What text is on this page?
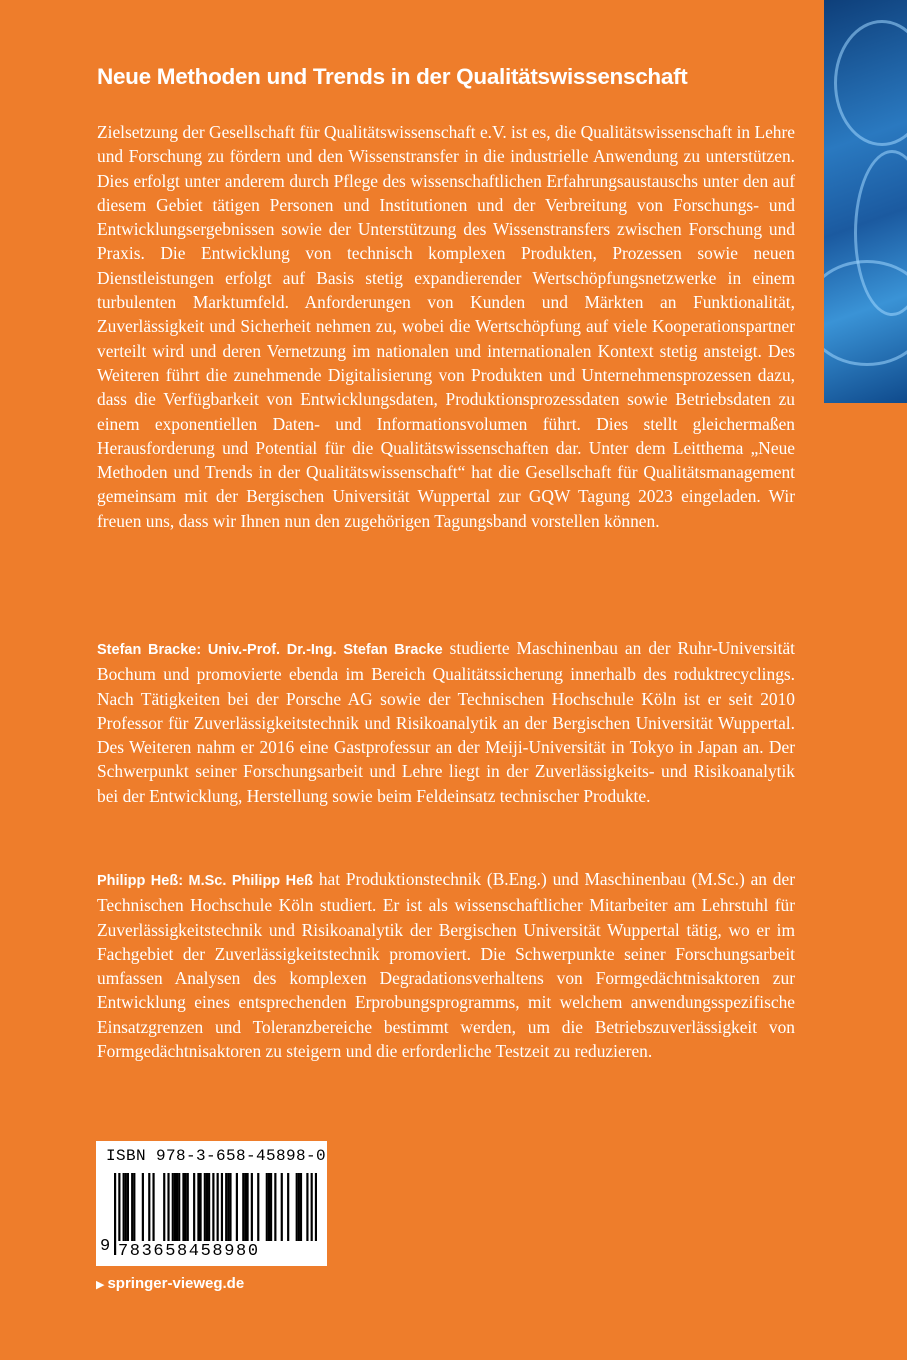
Neue Methoden und Trends in der Qualitätswissenschaft

Zielsetzung der Gesellschaft für Qualitätswissenschaft e.V. ist es, die Qualitätswissenschaft in Lehre und Forschung zu fördern und den Wissenstransfer in die industrielle Anwendung zu unterstützen. Dies erfolgt unter anderem durch Pflege des wissenschaftlichen Erfahrungsaustauschs unter den auf diesem Gebiet tätigen Personen und Institutionen und der Verbreitung von Forschungs- und Entwicklungsergebnissen sowie der Unterstützung des Wissenstransfers zwischen Forschung und Praxis. Die Entwicklung von technisch komplexen Produkten, Prozessen sowie neuen Dienstleistungen erfolgt auf Basis stetig expandierender Wertschöpfungsnetzwerke in einem turbulenten Marktumfeld. Anforderungen von Kunden und Märkten an Funktionalität, Zuverlässigkeit und Sicherheit nehmen zu, wobei die Wertschöpfung auf viele Kooperationspartner verteilt wird und deren Vernetzung im nationalen und internationalen Kontext stetig ansteigt. Des Weiteren führt die zunehmende Digitalisierung von Produkten und Unternehmensprozessen dazu, dass die Verfügbarkeit von Entwicklungsdaten, Produktionsprozessdaten sowie Betriebsdaten zu einem exponentiellen Daten- und Informationsvolumen führt. Dies stellt gleichermaßen Herausforderung und Potential für die Qualitätswissenschaften dar. Unter dem Leitthema „Neue Methoden und Trends in der Qualitätswissenschaft“ hat die Gesellschaft für Qualitätsmanagement gemeinsam mit der Bergischen Universität Wuppertal zur GQW Tagung 2023 eingeladen. Wir freuen uns, dass wir Ihnen nun den zugehörigen Tagungsband vorstellen können.

Stefan Bracke: Univ.-Prof. Dr.-Ing. Stefan Bracke studierte Maschinenbau an der Ruhr-Universität Bochum und promovierte ebenda im Bereich Qualitätssicherung innerhalb des roduktrecyclings. Nach Tätigkeiten bei der Porsche AG sowie der Technischen Hochschule Köln ist er seit 2010 Professor für Zuverlässigkeitstechnik und Risikoanalytik an der Bergischen Universität Wuppertal. Des Weiteren nahm er 2016 eine Gastprofessur an der Meiji-Universität in Tokyo in Japan an. Der Schwerpunkt seiner Forschungsarbeit und Lehre liegt in der Zuverlässigkeits- und Risikoanalytik bei der Entwicklung, Herstellung sowie beim Feldeinsatz technischer Produkte.

Philipp Heß: M.Sc. Philipp Heß hat Produktionstechnik (B.Eng.) und Maschinenbau (M.Sc.) an der Technischen Hochschule Köln studiert. Er ist als wissenschaftlicher Mitarbeiter am Lehrstuhl für Zuverlässigkeitstechnik und Risikoanalytik der Bergischen Universität Wuppertal tätig, wo er im Fachgebiet der Zuverlässigkeitstechnik promoviert. Die Schwerpunkte seiner Forschungsarbeit umfassen Analysen des komplexen Degradationsverhaltens von Formgedächtnisaktoren zur Entwicklung eines entsprechenden Erprobungsprogramms, mit welchem anwendungsspezifische Einsatzgrenzen und Toleranzbereiche bestimmt werden, um die Betriebszuverlässigkeit von Formgedächtnisaktoren zu steigern und die erforderliche Testzeit zu reduzieren.

ISBN 978-3-658-45898-0
9 783658458980
▶ springer-vieweg.de
